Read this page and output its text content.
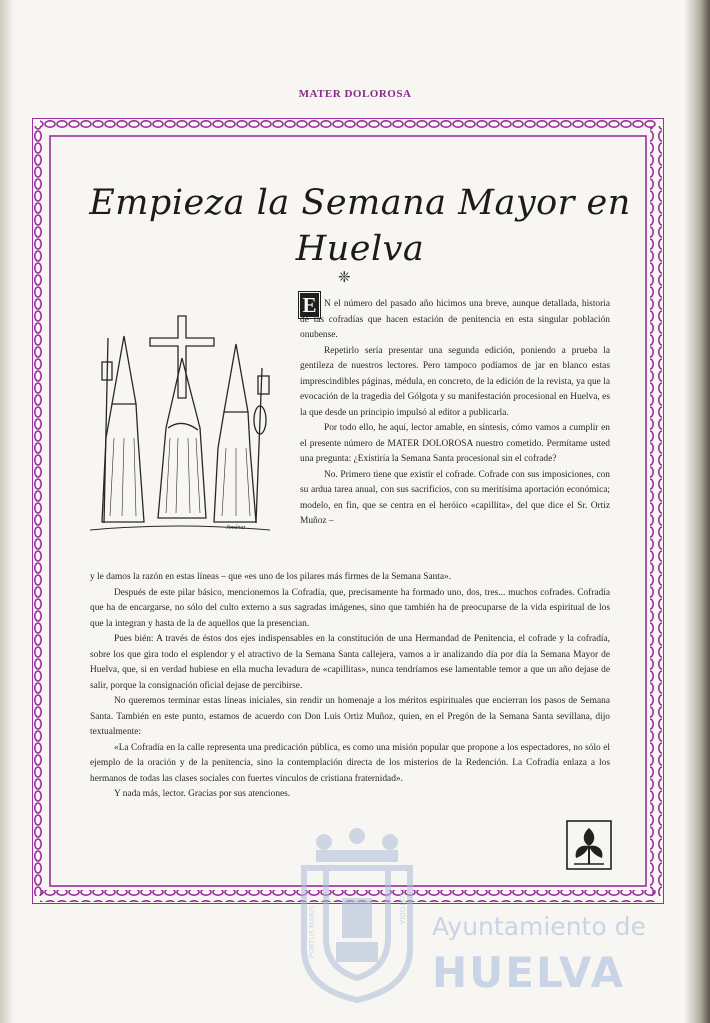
MATER DOLOROSA
Empieza la Semana Mayor en
Huelva
❈
Jiménez
E N el número del pasado año hicimos una breve, aunque detallada, historia de las cofradías que hacen estación de penitencia en esta singular población onubense.

Repetirlo sería presentar una segunda edición, poniendo a prueba la gentileza de nuestros lectores. Pero tampoco podíamos de jar en blanco estas imprescindibles páginas, médula, en concreto, de la edición de la revista, ya que la evocación de la tragedia del Gólgota y su manifestación procesional en Huelva, es la que desde un principio impulsó al editor a publicarla.

Por todo ello, he aquí, lector amable, en síntesis, cómo vamos a cumplir en el presente número de MATER DOLOROSA nuestro cometido. Permítame usted una pregunta: ¿Existiría la Semana Santa procesional sin el cofrade?

No. Primero tiene que existir el cofrade. Cofrade con sus imposiciones, con su ardua tarea anual, con sus sacrificios, con su meritísima aportación económica; modelo, en fin, que se centra en el heróico «capillita», del que dice el Sr. Ortiz Muñoz –

y le damos la razón en estas líneas – que «es uno de los pilares más firmes de la Semana Santa».

Después de este pilar básico, mencionemos la Cofradía, que, precisamente ha formado uno, dos, tres... muchos cofrades. Cofradía que ha de encargarse, no sólo del culto externo a sus sagradas imágenes, sino que también ha de preocuparse de la vida espiritual de los que la integran y hasta de la de aquellos que la presencian.

Pues bién: A través de éstos dos ejes indispensables en la constitución de una Hermandad de Penitencia, el cofrade y la cofradía, sobre los que gira todo el esplendor y el atractivo de la Semana Santa callejera, vamos a ir analizando día por día la Semana Mayor de Huelva, que, si en verdad hubiese en ella mucha levadura de «capillitas», nunca tendríamos ese lamentable temor a que un año dejase de salir, porque la consignación oficial dejase de percibirse.

No queremos terminar estas líneas iniciales, sin rendir un homenaje a los méritos espirituales que encierran los pasos de Semana Santa. También en este punto, estamos de acuerdo con Don Luis Ortiz Muñoz, quien, en el Pregón de la Semana Santa sevillana, dijo textualmente:

«La Cofradía en la calle representa una predicación pública, es como una misión popular que propone a los espectadores, no sólo el ejemplo de la oración y de la penitencia, sino la contemplación directa de los misterios de la Redención. La Cofradía enlaza a los hermanos de todas las clases sociales con fuertes vínculos de cristiana fraternidad».

Y nada más, lector. Gracias por sus atenciones.

PORTUS MARIS	CUSTODIA
Ayuntamiento de
HUELVA
